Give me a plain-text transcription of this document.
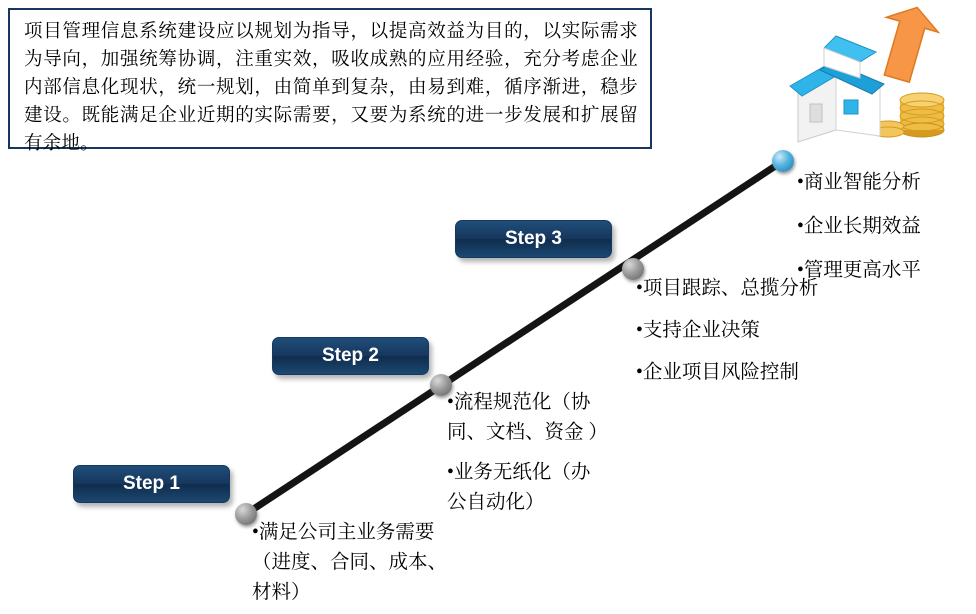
项目管理信息系统建设应以规划为指导，以提高效益为目的，以实际需求为导向，加强统筹协调，注重实效，吸收成熟的应用经验，充分考虑企业内部信息化现状，统一规划，由简单到复杂，由易到难，循序渐进，稳步建设。既能满足企业近期的实际需要，又要为系统的进一步发展和扩展留有余地。
Step 1
Step 2
Step 3
•满足公司主业务需要
（进度、合同、成本、
材料）
•流程规范化（协
同、文档、资金 ）
•业务无纸化（办
公自动化）
•项目跟踪、总揽分析
•支持企业决策
•企业项目风险控制
•商业智能分析
•企业长期效益
•管理更高水平
